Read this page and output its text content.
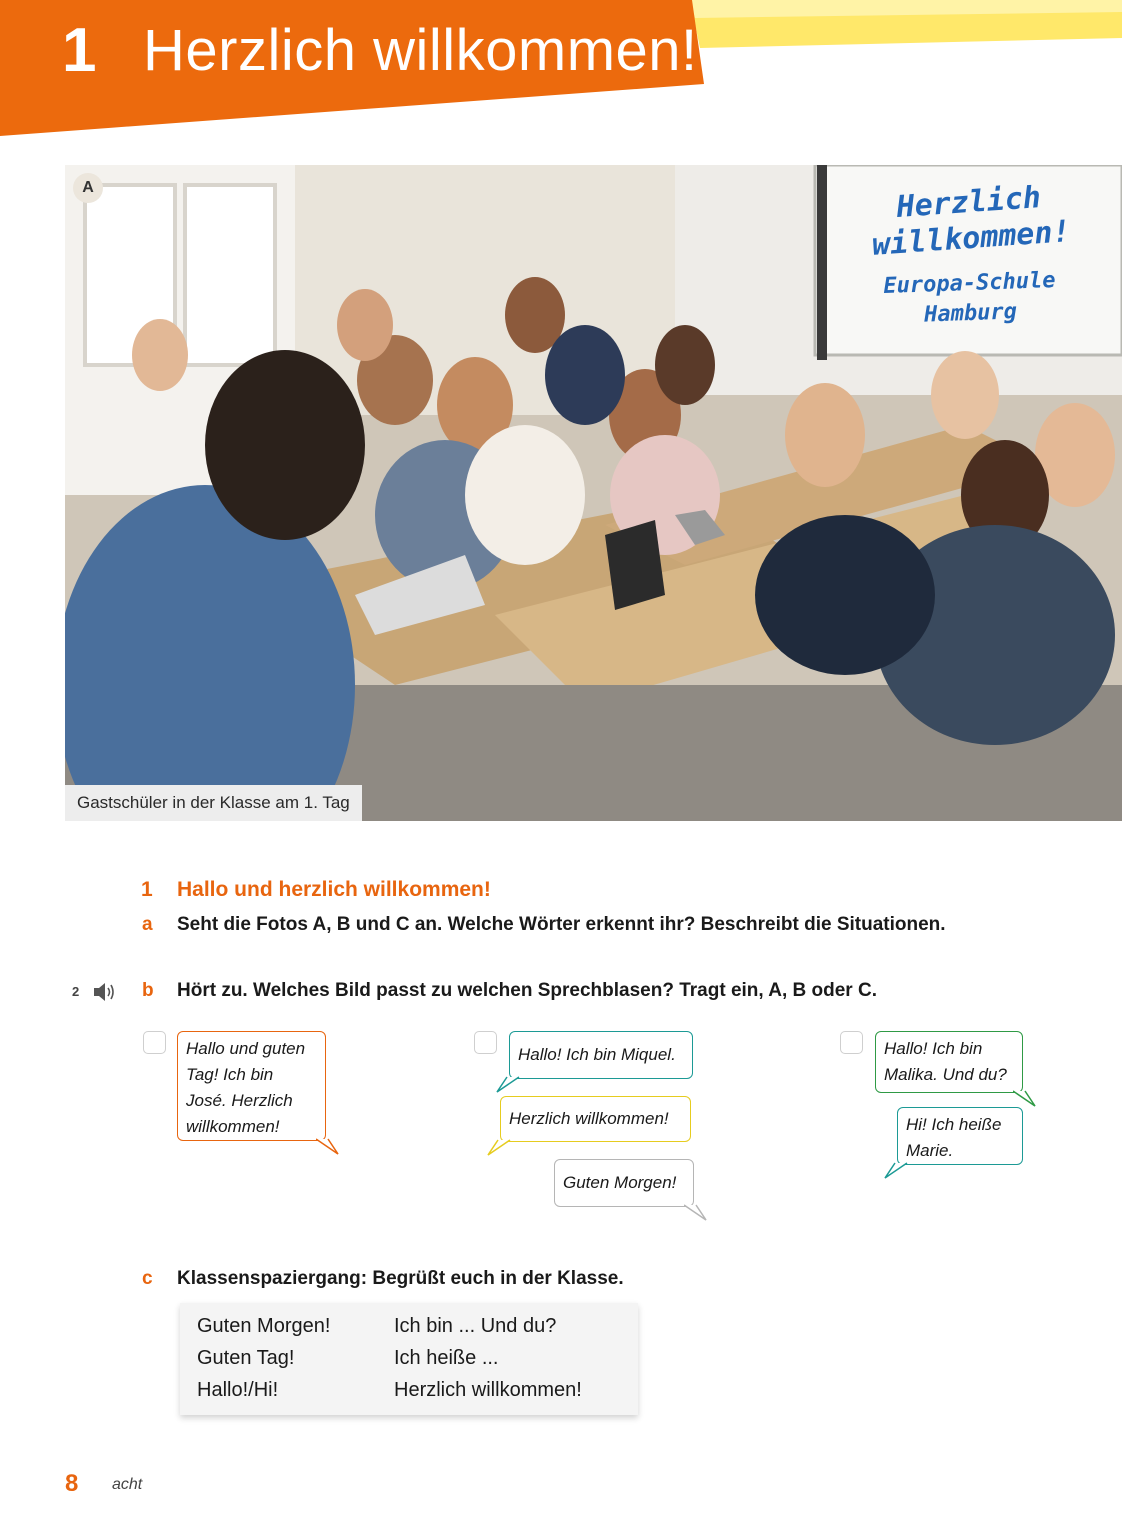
1 Herzlich willkommen!
A	Herzlich
willkommen!
Europa-Schule
Hamburg
Gastschüler in der Klasse am 1. Tag
1 Hallo und herzlich willkommen!
a Seht die Fotos A, B und C an. Welche Wörter erkennt ihr? Beschreibt die Situationen.
2	b Hört zu. Welches Bild passt zu welchen Sprechblasen? Tragt ein, A, B oder C.
Hallo und guten Tag! Ich bin José. Herzlich willkommen!
Hallo! Ich bin Miquel.
Herzlich willkommen!
Guten Morgen!
Hallo! Ich bin Malika. Und du?
Hi! Ich heiße Marie.
c Klassenspaziergang: Begrüßt euch in der Klasse.
Guten Morgen!
Guten Tag!
Hallo!/Hi!
Ich bin ... Und du?
Ich heiße ...
Herzlich willkommen!
8 acht
